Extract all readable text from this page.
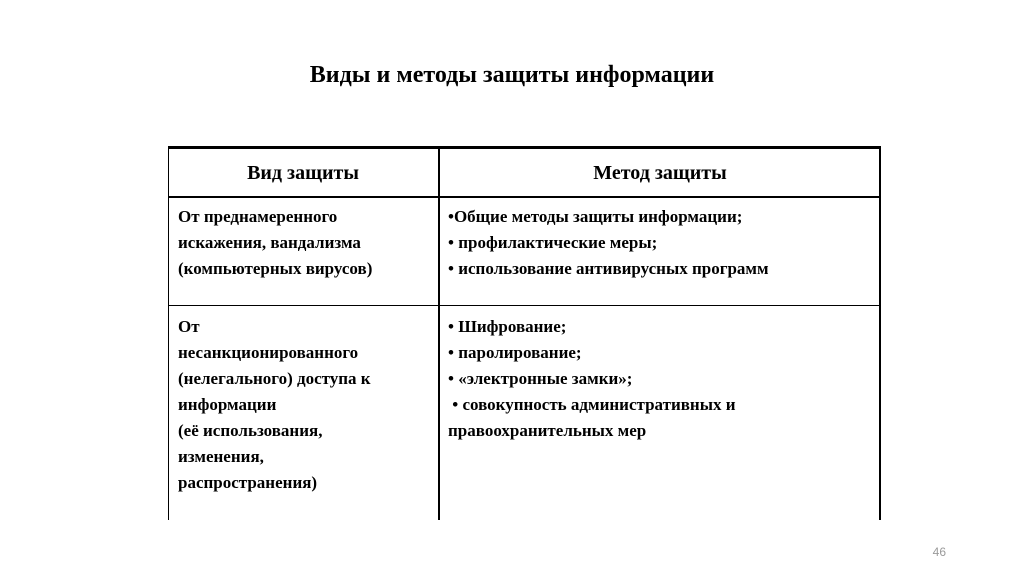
Виды и методы защиты информации
Вид защиты	Метод защиты
От преднамеренного
искажения, вандализма
(компьютерных вирусов)
•Общие методы защиты информации;
• профилактические меры;
• использование антивирусных программ
От
несанкционированного
(нелегального) доступа к
информации
(её использования,
изменения,
распространения)
• Шифрование;
• паролирование;
• «электронные замки»;
• совокупность административных и
правоохранительных мер
46
